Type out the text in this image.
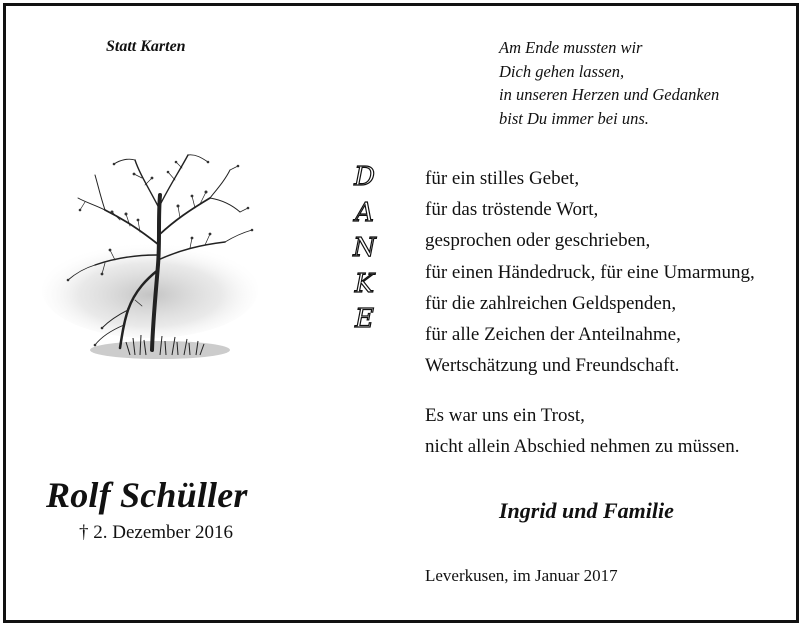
Statt Karten	Am Ende mussten wir
Dich gehen lassen,
in unseren Herzen und Gedanken
bist Du immer bei uns.
D
A
N
K
E
für ein stilles Gebet,
für das tröstende Wort,
gesprochen oder geschrieben,
für einen Händedruck, für eine Umarmung,
für die zahlreichen Geldspenden,
für alle Zeichen der Anteilnahme,
Wertschätzung und Freundschaft.
Es war uns ein Trost,
nicht allein Abschied nehmen zu müssen.
Rolf Schüller
† 2. Dezember 2016
Ingrid und Familie
Leverkusen, im Januar 2017
